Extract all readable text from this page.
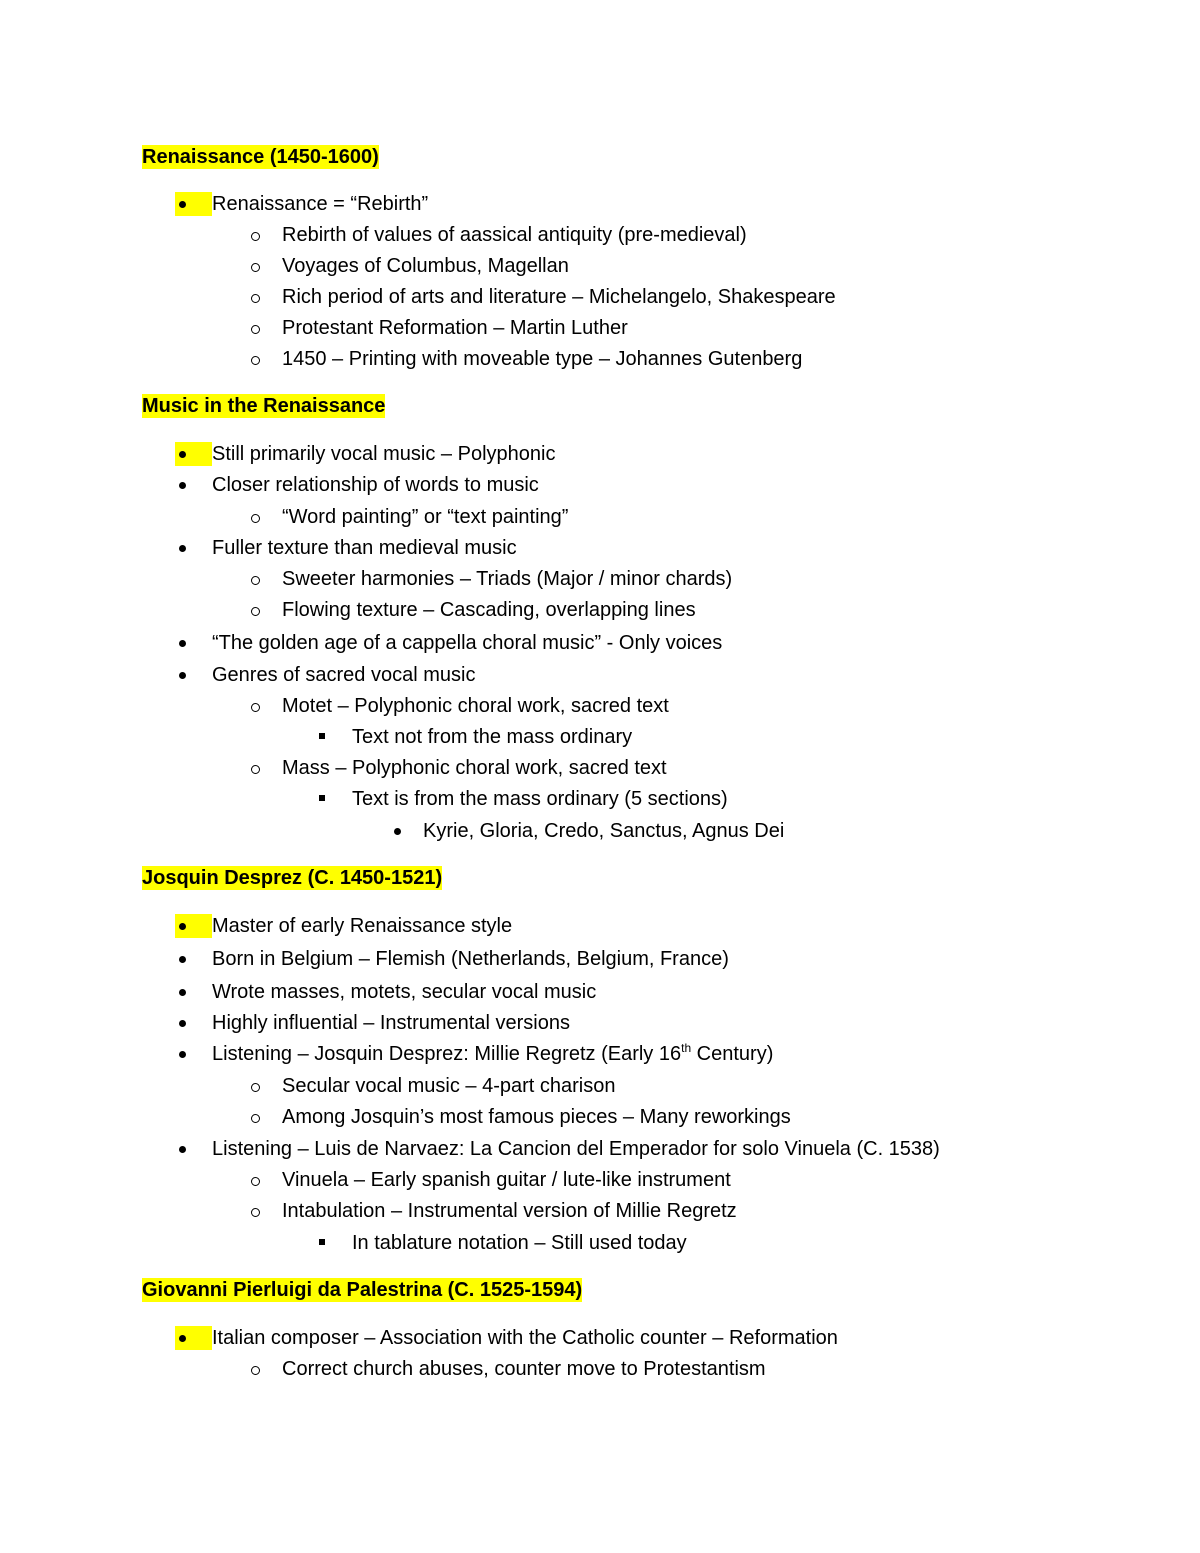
Renaissance (1450-1600)
Renaissance = “Rebirth”
Rebirth of values of aassical antiquity (pre-medieval)
Voyages of Columbus, Magellan
Rich period of arts and literature – Michelangelo, Shakespeare
Protestant Reformation – Martin Luther
1450 – Printing with moveable type – Johannes Gutenberg
Music in the Renaissance
Still primarily vocal music – Polyphonic
Closer relationship of words to music
“Word painting” or “text painting”
Fuller texture than medieval music
Sweeter harmonies – Triads (Major / minor chards)
Flowing texture – Cascading, overlapping lines
“The golden age of a cappella choral music” - Only voices
Genres of sacred vocal music
Motet – Polyphonic choral work, sacred text
Text not from the mass ordinary
Mass – Polyphonic choral work, sacred text
Text is from the mass ordinary (5 sections)
Kyrie, Gloria, Credo, Sanctus, Agnus Dei
Josquin Desprez (C. 1450-1521)
Master of early Renaissance style
Born in Belgium – Flemish (Netherlands, Belgium, France)
Wrote masses, motets, secular vocal music
Highly influential – Instrumental versions
Listening – Josquin Desprez: Millie Regretz (Early 16th Century)
Secular vocal music – 4-part charison
Among Josquin’s most famous pieces – Many reworkings
Listening – Luis de Narvaez: La Cancion del Emperador for solo Vinuela (C. 1538)
Vinuela – Early spanish guitar / lute-like instrument
Intabulation – Instrumental version of Millie Regretz
In tablature notation – Still used today
Giovanni Pierluigi da Palestrina (C. 1525-1594)
Italian composer – Association with the Catholic counter – Reformation
Correct church abuses, counter move to Protestantism
